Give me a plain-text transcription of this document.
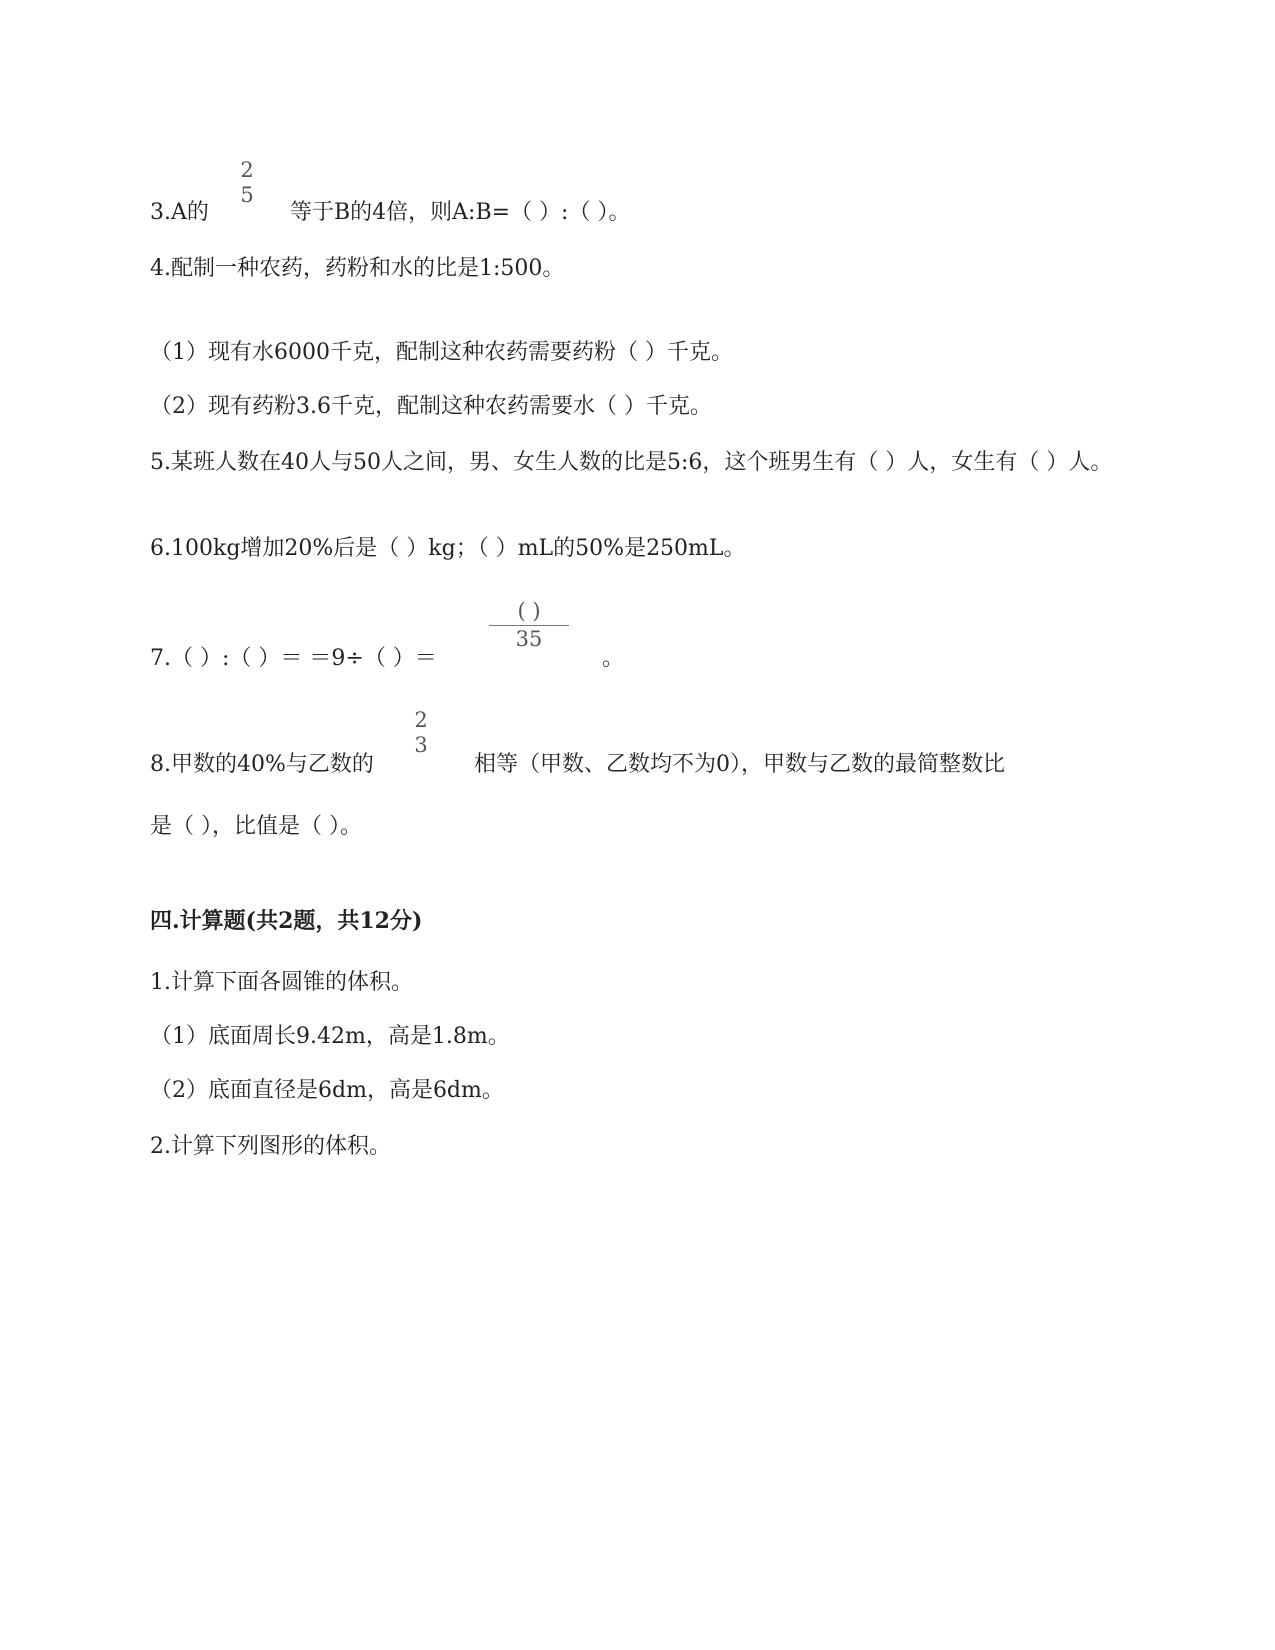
3.A的
2
5
等于B的4倍，则A:B=（ ）:（ ）。
4.配制一种农药，药粉和水的比是1:500。
（1）现有水6000千克，配制这种农药需要药粉（ ）千克。
（2）现有药粉3.6千克，配制这种农药需要水（ ）千克。
5.某班人数在40人与50人之间，男、女生人数的比是5:6，这个班男生有（ ）人，女生有（ ）人。
6.100kg增加20%后是（ ）kg；（ ）mL的50%是250mL。
7.（ ）:（ ）＝ ＝9÷（ ）＝
( )
35
。
8.甲数的40%与乙数的
2
3
相等（甲数、乙数均不为0），甲数与乙数的最简整数比
是（ ），比值是（ ）。
四.计算题(共2题，共12分)
1.计算下面各圆锥的体积。
（1）底面周长9.42m，高是1.8m。
（2）底面直径是6dm，高是6dm。
2.计算下列图形的体积。
